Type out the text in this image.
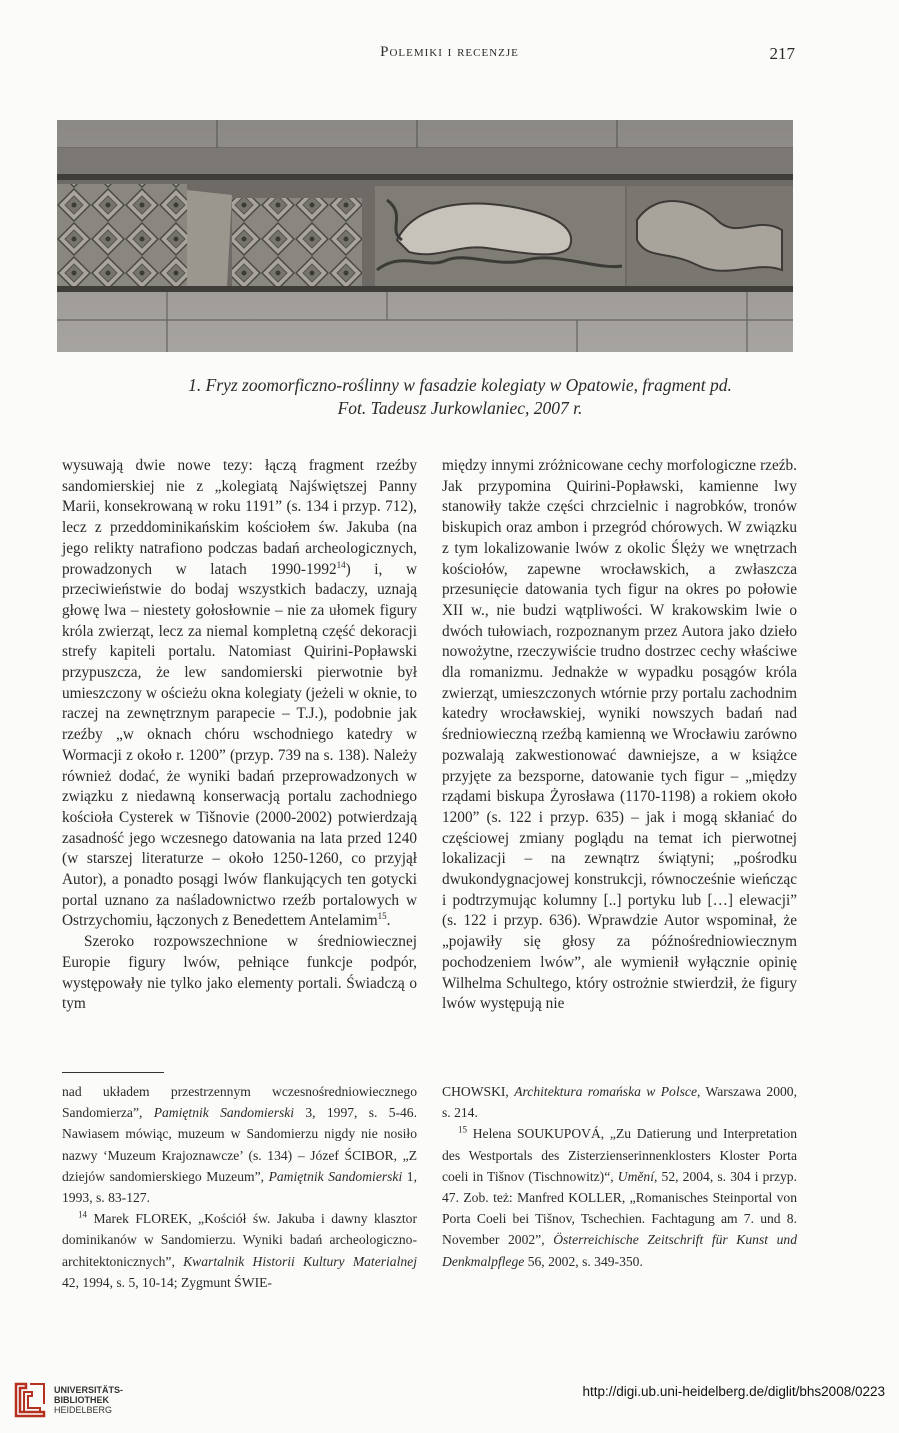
Polemiki i recenzje	217
1. Fryz zoomorficzno-roślinny w fasadzie kolegiaty w Opatowie, fragment pd.
Fot. Tadeusz Jurkowlaniec, 2007 r.

wysuwają dwie nowe tezy: łączą fragment rzeźby sandomierskiej nie z „kolegiatą Najświętszej Panny Marii, konsekrowaną w roku 1191” (s. 134 i przyp. 712), lecz z przeddominikańskim kościołem św. Jakuba (na jego relikty natrafiono podczas badań archeologicznych, prowadzonych w latach 1990-1992$^{14}$) i, w przeciwieństwie do bodaj wszystkich badaczy, uznają głowę lwa – niestety gołosłownie – nie za ułomek figury króla zwierząt, lecz za niemal kompletną część dekoracji strefy kapiteli portalu. Natomiast Quirini-Popławski przypuszcza, że lew sandomierski pierwotnie był umieszczony w ościeżu okna kolegiaty (jeżeli w oknie, to raczej na zewnętrznym parapecie – T.J.), podobnie jak rzeźby „w oknach chóru wschodniego katedry w Wormacji z około r. 1200” (przyp. 739 na s. 138). Należy również dodać, że wyniki badań przeprowadzonych w związku z niedawną konserwacją portalu zachodniego kościoła Cysterek w Tišnovie (2000-2002) potwierdzają zasadność jego wczesnego datowania na lata przed 1240 (w starszej literaturze – około 1250-1260, co przyjął Autor), a ponadto posągi lwów flankujących ten gotycki portal uznano za naśladownictwo rzeźb portalowych w Ostrzychomiu, łączonych z Benedettem Antelamim$^{15}$.

Szeroko rozpowszechnione w średniowiecznej Europie figury lwów, pełniące funkcje podpór, występowały nie tylko jako elementy portali. Świadczą o tym

między innymi zróżnicowane cechy morfologiczne rzeźb. Jak przypomina Quirini-Popławski, kamienne lwy stanowiły także części chrzcielnic i nagrobków, tronów biskupich oraz ambon i przegród chórowych. W związku z tym lokalizowanie lwów z okolic Ślęży we wnętrzach kościołów, zapewne wrocławskich, a zwłaszcza przesunięcie datowania tych figur na okres po połowie XII w., nie budzi wątpliwości. W krakowskim lwie o dwóch tułowiach, rozpoznanym przez Autora jako dzieło nowożytne, rzeczywiście trudno dostrzec cechy właściwe dla romanizmu. Jednakże w wypadku posągów króla zwierząt, umieszczonych wtórnie przy portalu zachodnim katedry wrocławskiej, wyniki nowszych badań nad średniowieczną rzeźbą kamienną we Wrocławiu zarówno pozwalają zakwestionować dawniejsze, a w książce przyjęte za bezsporne, datowanie tych figur – „między rządami biskupa Żyrosława (1170-1198) a rokiem około 1200” (s. 122 i przyp. 635) – jak i mogą skłaniać do częściowej zmiany poglądu na temat ich pierwotnej lokalizacji – na zewnątrz świątyni; „pośrodku dwukondygnacjowej konstrukcji, równocześnie wieńcząc i podtrzymując kolumny [..] portyku lub […] elewacji” (s. 122 i przyp. 636). Wprawdzie Autor wspominał, że „pojawiły się głosy za późnośredniowiecznym pochodzeniem lwów”, ale wymienił wyłącznie opinię Wilhelma Schultego, który ostrożnie stwierdził, że figury lwów występują nie

nad układem przestrzennym wczesnośredniowiecznego Sandomierza”, Pamiętnik Sandomierski 3, 1997, s. 5-46. Nawiasem mówiąc, muzeum w Sandomierzu nigdy nie nosiło nazwy ‘Muzeum Krajoznawcze’ (s. 134) – Józef ŚCIBOR, „Z dziejów sandomierskiego Muzeum”, Pamiętnik Sandomierski 1, 1993, s. 83-127.

$^{14}$ Marek FLOREK, „Kościół św. Jakuba i dawny klasztor dominikanów w Sandomierzu. Wyniki badań archeologiczno-architektonicznych”, Kwartalnik Historii Kultury Materialnej 42, 1994, s. 5, 10-14; Zygmunt ŚWIE-

CHOWSKI, Architektura romańska w Polsce, Warszawa 2000, s. 214.

$^{15}$ Helena SOUKUPOVÁ, „Zu Datierung und Interpretation des Westportals des Zisterzienserinnenklosters Kloster Porta coeli in Tišnov (Tischnowitz)“, Umění, 52, 2004, s. 304 i przyp. 47. Zob. też: Manfred KOLLER, „Romanisches Steinportal von Porta Coeli bei Tišnov, Tschechien. Fachtagung am 7. und 8. November 2002”, Österreichische Zeitschrift für Kunst und Denkmalpflege 56, 2002, s. 349-350.

UNIVERSITÄTS-
BIBLIOTHEK
HEIDELBERG
http://digi.ub.uni-heidelberg.de/diglit/bhs2008/0223
